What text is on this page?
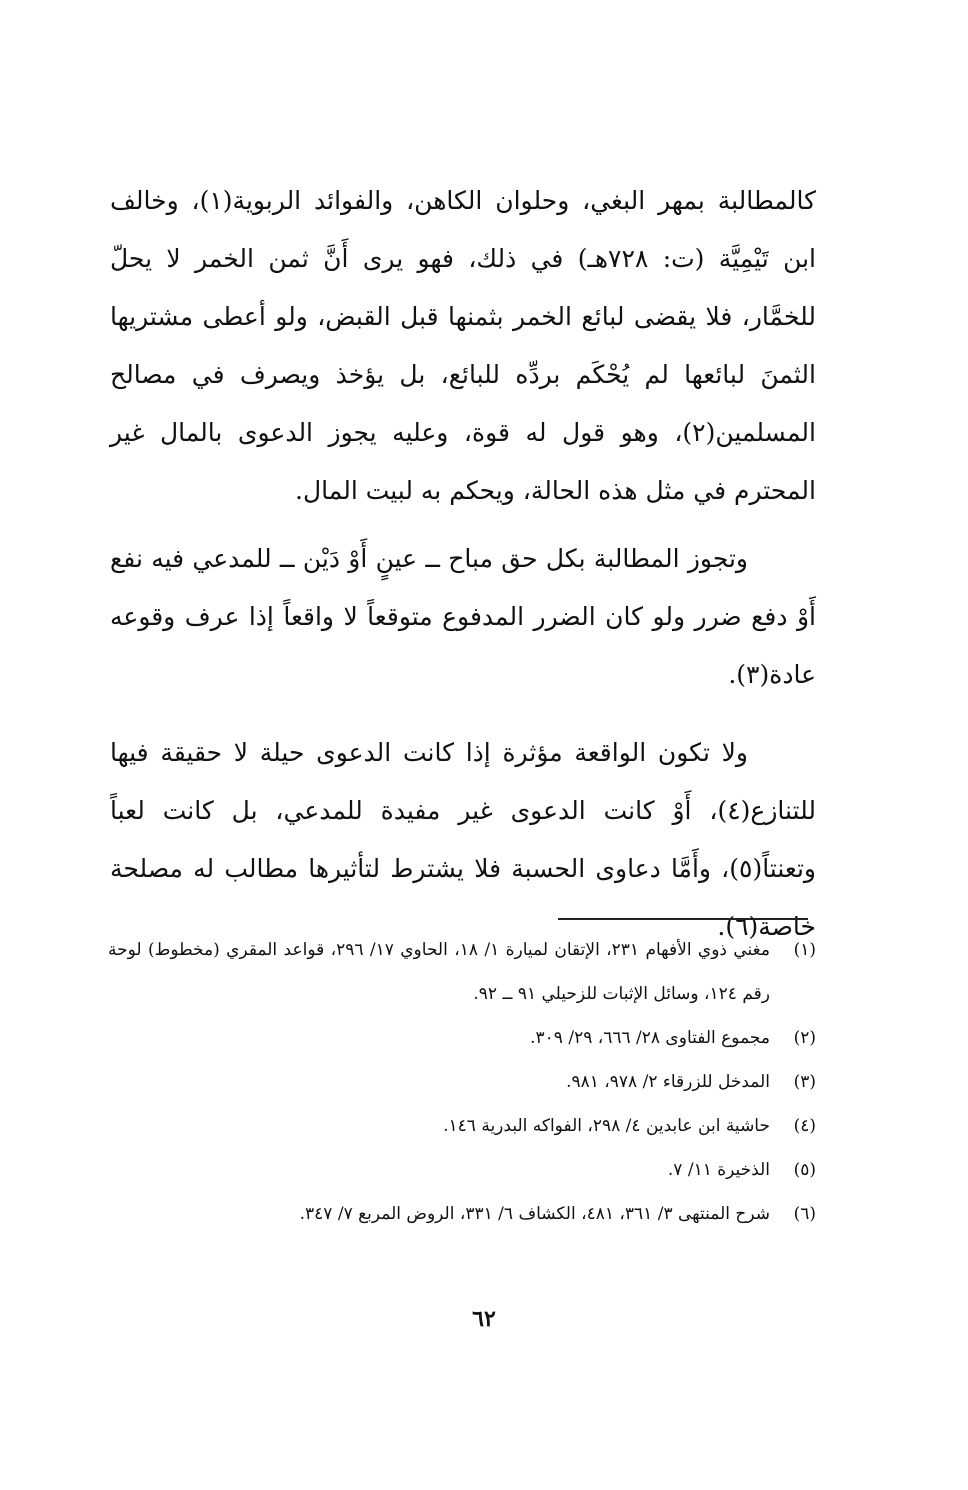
كالمطالبة بمهر البغي، وحلوان الكاهن، والفوائد الربوية(١)، وخالف ابن تَيْمِيَّة (ت: ٧٢٨هـ) في ذلك، فهو يرى أَنَّ ثمن الخمر لا يحلّ للخمَّار، فلا يقضى لبائع الخمر بثمنها قبل القبض، ولو أعطى مشتريها الثمنَ لبائعها لم يُحْكَم بردِّه للبائع، بل يؤخذ ويصرف في مصالح المسلمين(٢)، وهو قول له قوة، وعليه يجوز الدعوى بالمال غير المحترم في مثل هذه الحالة، ويحكم به لبيت المال.

وتجوز المطالبة بكل حق مباح ــ عينٍ أَوْ دَيْن ــ للمدعي فيه نفع أَوْ دفع ضرر ولو كان الضرر المدفوع متوقعاً لا واقعاً إذا عرف وقوعه عادة(٣).

ولا تكون الواقعة مؤثرة إذا كانت الدعوى حيلة لا حقيقة فيها للتنازع(٤)، أَوْ كانت الدعوى غير مفيدة للمدعي، بل كانت لعباً وتعنتاً(٥)، وأَمَّا دعاوى الحسبة فلا يشترط لتأثيرها مطالب له مصلحة خاصة(٦).

(١)
مغني ذوي الأفهام ٢٣١، الإتقان لميارة ١/ ١٨، الحاوي ١٧/ ٢٩٦، قواعد المقري (مخطوط) لوحة رقم ١٢٤، وسائل الإثبات للزحيلي ٩١ ــ ٩٢.
(٢)
مجموع الفتاوى ٢٨/ ٦٦٦، ٢٩/ ٣٠٩.
(٣)
المدخل للزرقاء ٢/ ٩٧٨، ٩٨١.
(٤)
حاشية ابن عابدين ٤/ ٢٩٨، الفواكه البدرية ١٤٦.
(٥)
الذخيرة ١١/ ٧.
(٦)
شرح المنتهى ٣/ ٣٦١، ٤٨١، الكشاف ٦/ ٣٣١، الروض المربع ٧/ ٣٤٧.
٦٢
